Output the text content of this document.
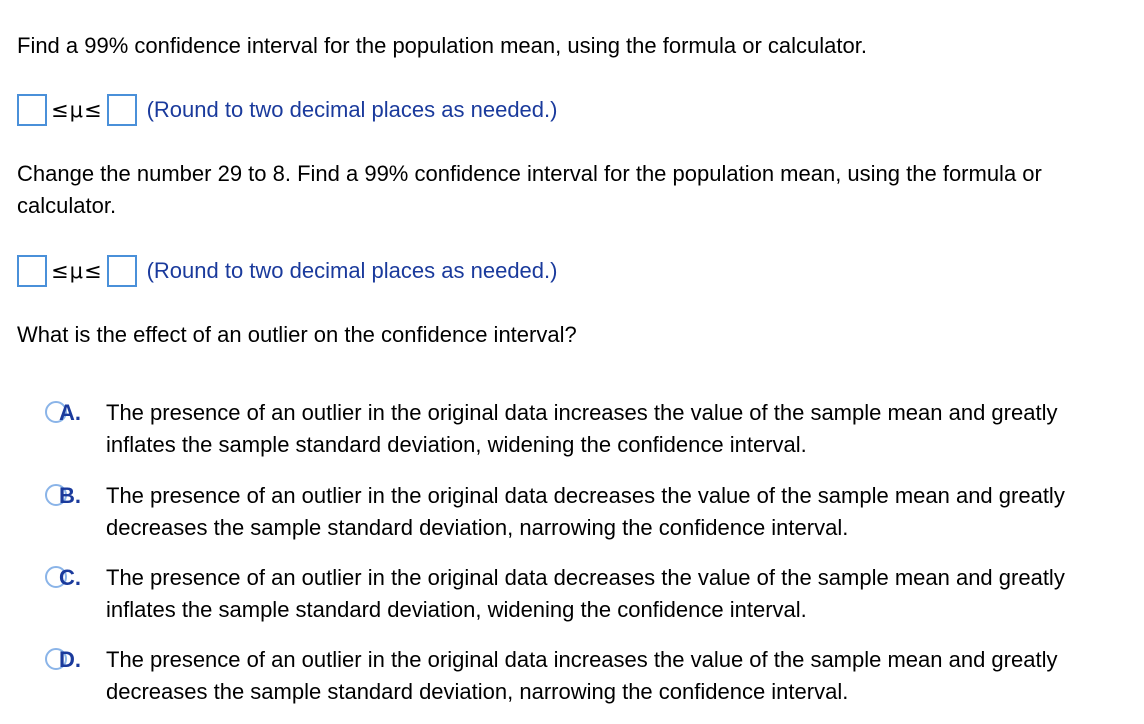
Find a 99% confidence interval for the population mean, using the formula or calculator.
≤μ≤ (Round to two decimal places as needed.)
Change the number 29 to 8. Find a 99% confidence interval for the population mean, using the formula or calculator.
≤μ≤ (Round to two decimal places as needed.)
What is the effect of an outlier on the confidence interval?
A. The presence of an outlier in the original data increases the value of the sample mean and greatly inflates the sample standard deviation, widening the confidence interval.
B. The presence of an outlier in the original data decreases the value of the sample mean and greatly decreases the sample standard deviation, narrowing the confidence interval.
C. The presence of an outlier in the original data decreases the value of the sample mean and greatly inflates the sample standard deviation, widening the confidence interval.
D. The presence of an outlier in the original data increases the value of the sample mean and greatly decreases the sample standard deviation, narrowing the confidence interval.
